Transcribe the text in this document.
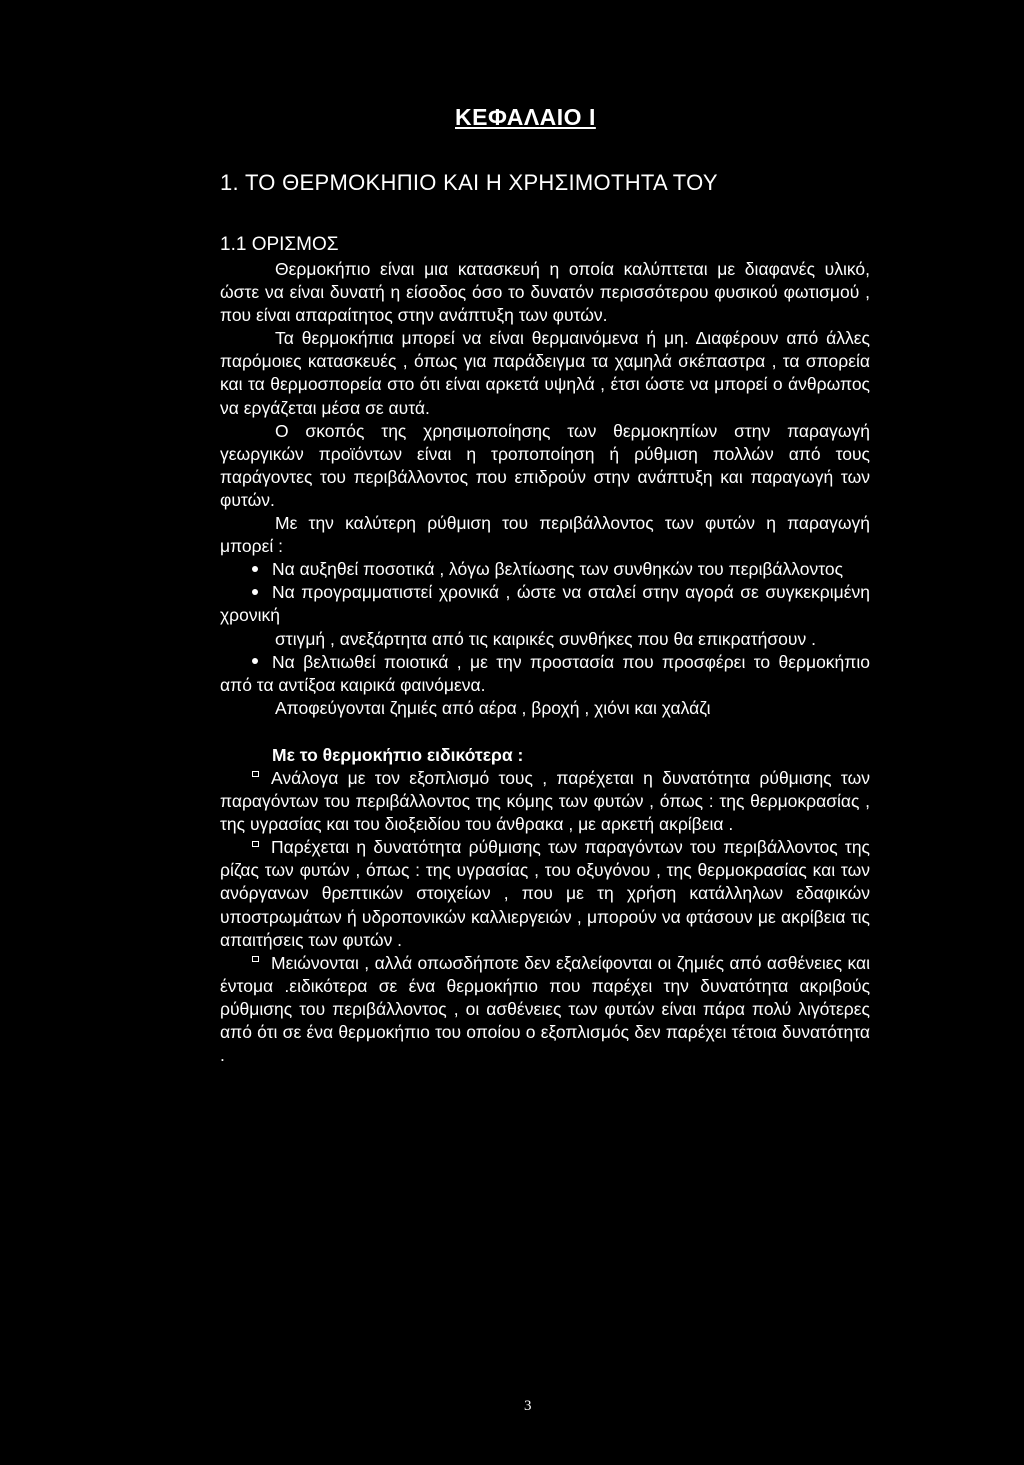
ΚΕΦΑΛΑΙΟ Ι
1. ΤΟ ΘΕΡΜΟΚΗΠΙΟ ΚΑΙ Η ΧΡΗΣΙΜΟΤΗΤΑ ΤΟΥ
1.1 ΟΡΙΣΜΟΣ

Θερμοκήπιο είναι μια κατασκευή η οποία καλύπτεται με διαφανές υλικό, ώστε να είναι δυνατή η είσοδος όσο το δυνατόν περισσότερου φυσικού φωτισμού , που είναι απαραίτητος στην ανάπτυξη των φυτών.

Τα θερμοκήπια μπορεί να είναι θερμαινόμενα ή μη. Διαφέρουν από άλλες παρόμοιες κατασκευές , όπως για παράδειγμα τα χαμηλά σκέπαστρα , τα σπορεία και τα θερμοσπορεία στο ότι είναι αρκετά υψηλά , έτσι ώστε να μπορεί ο άνθρωπος να εργάζεται μέσα σε αυτά.

Ο σκοπός της χρησιμοποίησης των θερμοκηπίων στην παραγωγή γεωργικών προϊόντων είναι η τροποποίηση ή ρύθμιση πολλών από τους παράγοντες του περιβάλλοντος που επιδρούν στην ανάπτυξη και παραγωγή των φυτών.

Με την καλύτερη ρύθμιση του περιβάλλοντος των φυτών η παραγωγή μπορεί :

Να αυξηθεί ποσοτικά , λόγω βελτίωσης των συνθηκών του περιβάλλοντος

Να προγραμματιστεί χρονικά , ώστε να σταλεί στην αγορά σε συγκεκριμένη χρονική

στιγμή , ανεξάρτητα από τις καιρικές συνθήκες που θα επικρατήσουν .

Να βελτιωθεί ποιοτικά , με την προστασία που προσφέρει το θερμοκήπιο από τα αντίξοα καιρικά φαινόμενα.

Αποφεύγονται ζημιές από αέρα , βροχή , χιόνι και χαλάζι

Με το θερμοκήπιο ειδικότερα :

Ανάλογα με τον εξοπλισμό τους , παρέχεται η δυνατότητα ρύθμισης των παραγόντων του περιβάλλοντος της κόμης των φυτών , όπως : της θερμοκρασίας , της υγρασίας και του διοξειδίου του άνθρακα , με αρκετή ακρίβεια .

Παρέχεται η δυνατότητα ρύθμισης των παραγόντων του περιβάλλοντος της ρίζας των φυτών , όπως : της υγρασίας , του οξυγόνου , της θερμοκρασίας και των ανόργανων θρεπτικών στοιχείων , που με τη χρήση κατάλληλων εδαφικών υποστρωμάτων ή υδροπονικών καλλιεργειών , μπορούν να φτάσουν με ακρίβεια τις απαιτήσεις των φυτών .

Μειώνονται , αλλά οπωσδήποτε δεν εξαλείφονται οι ζημιές από ασθένειες και έντομα .ειδικότερα σε ένα θερμοκήπιο που παρέχει την δυνατότητα ακριβούς ρύθμισης του περιβάλλοντος , οι ασθένειες των φυτών είναι πάρα πολύ λιγότερες από ότι σε ένα θερμοκήπιο του οποίου ο εξοπλισμός δεν παρέχει τέτοια δυνατότητα .

3
